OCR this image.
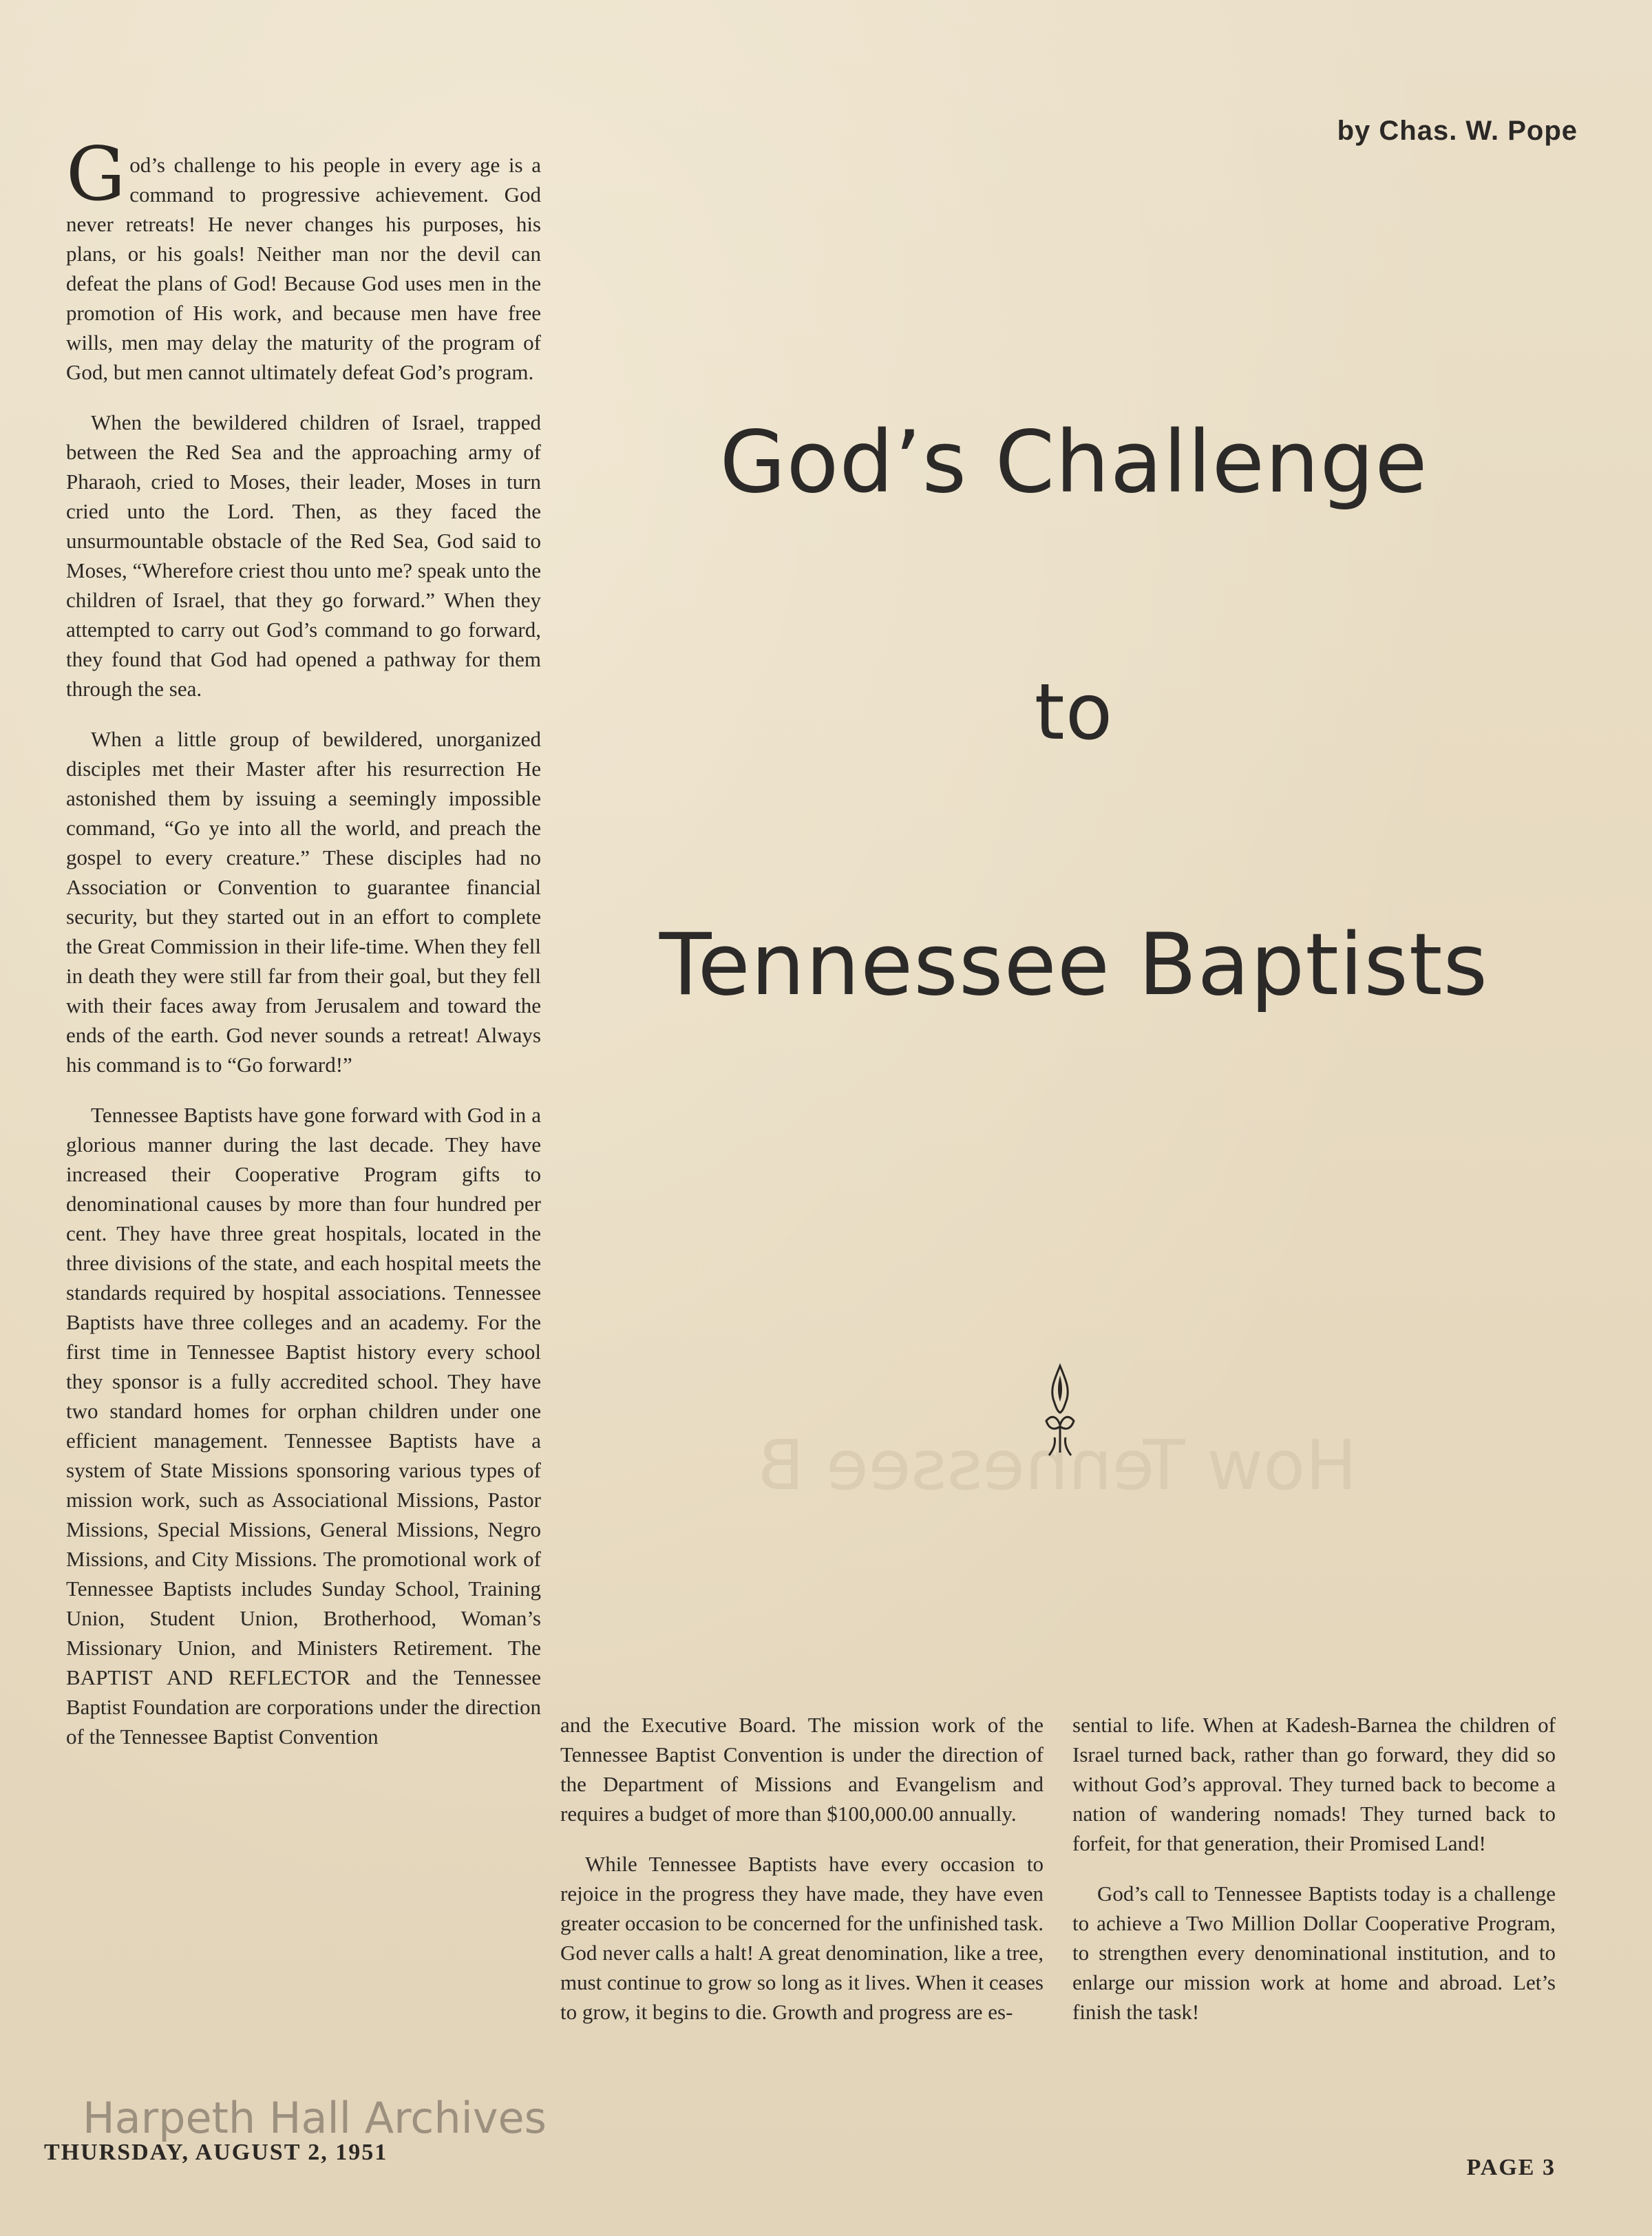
by Chas. W. Pope
God’s Challenge
to
Tennessee Baptists
How Tennessee B

God’s challenge to his people in every age is a command to progressive achievement. God never retreats! He never changes his purposes, his plans, or his goals! Neither man nor the devil can defeat the plans of God! Because God uses men in the promotion of His work, and because men have free wills, men may delay the maturity of the program of God, but men cannot ultimately defeat God’s program.

When the bewildered children of Israel, trapped between the Red Sea and the approaching army of Pharaoh, cried to Moses, their leader, Moses in turn cried unto the Lord. Then, as they faced the unsurmountable obstacle of the Red Sea, God said to Moses, “Wherefore criest thou unto me? speak unto the children of Israel, that they go forward.” When they attempted to carry out God’s command to go forward, they found that God had opened a pathway for them through the sea.

When a little group of bewildered, unorganized disciples met their Master after his resurrection He astonished them by issuing a seemingly impossible command, “Go ye into all the world, and preach the gospel to every creature.” These disciples had no Association or Convention to guarantee financial security, but they started out in an effort to complete the Great Commission in their life-time. When they fell in death they were still far from their goal, but they fell with their faces away from Jerusalem and toward the ends of the earth. God never sounds a retreat! Always his command is to “Go forward!”

Tennessee Baptists have gone forward with God in a glorious manner during the last decade. They have increased their Cooperative Program gifts to denominational causes by more than four hundred per cent. They have three great hospitals, located in the three divisions of the state, and each hospital meets the standards required by hospital associations. Tennessee Baptists have three colleges and an academy. For the first time in Tennessee Baptist history every school they sponsor is a fully accredited school. They have two standard homes for orphan children under one efficient management. Tennessee Baptists have a system of State Missions sponsoring various types of mission work, such as Associational Missions, Pastor Missions, Special Missions, General Missions, Negro Missions, and City Missions. The promotional work of Tennessee Baptists includes Sunday School, Training Union, Student Union, Brotherhood, Woman’s Missionary Union, and Ministers Retirement. The BAPTIST AND REFLECTOR and the Tennessee Baptist Foundation are corporations under the direction of the Tennessee Baptist Convention	and the Executive Board. The mission work of the Tennessee Baptist Convention is under the direction of the Department of Missions and Evangelism and requires a budget of more than $100,000.00 annually.

While Tennessee Baptists have every occasion to rejoice in the progress they have made, they have even greater occasion to be concerned for the unfinished task. God never calls a halt! A great denomination, like a tree, must continue to grow so long as it lives. When it ceases to grow, it begins to die. Growth and progress are es-

sential to life. When at Kadesh-Barnea the children of Israel turned back, rather than go forward, they did so without God’s approval. They turned back to become a nation of wandering nomads! They turned back to forfeit, for that generation, their Promised Land!

God’s call to Tennessee Baptists today is a challenge to achieve a Two Million Dollar Cooperative Program, to strengthen every denominational institution, and to enlarge our mission work at home and abroad. Let’s finish the task!

Harpeth Hall Archives
THURSDAY, AUGUST 2, 1951
PAGE 3
